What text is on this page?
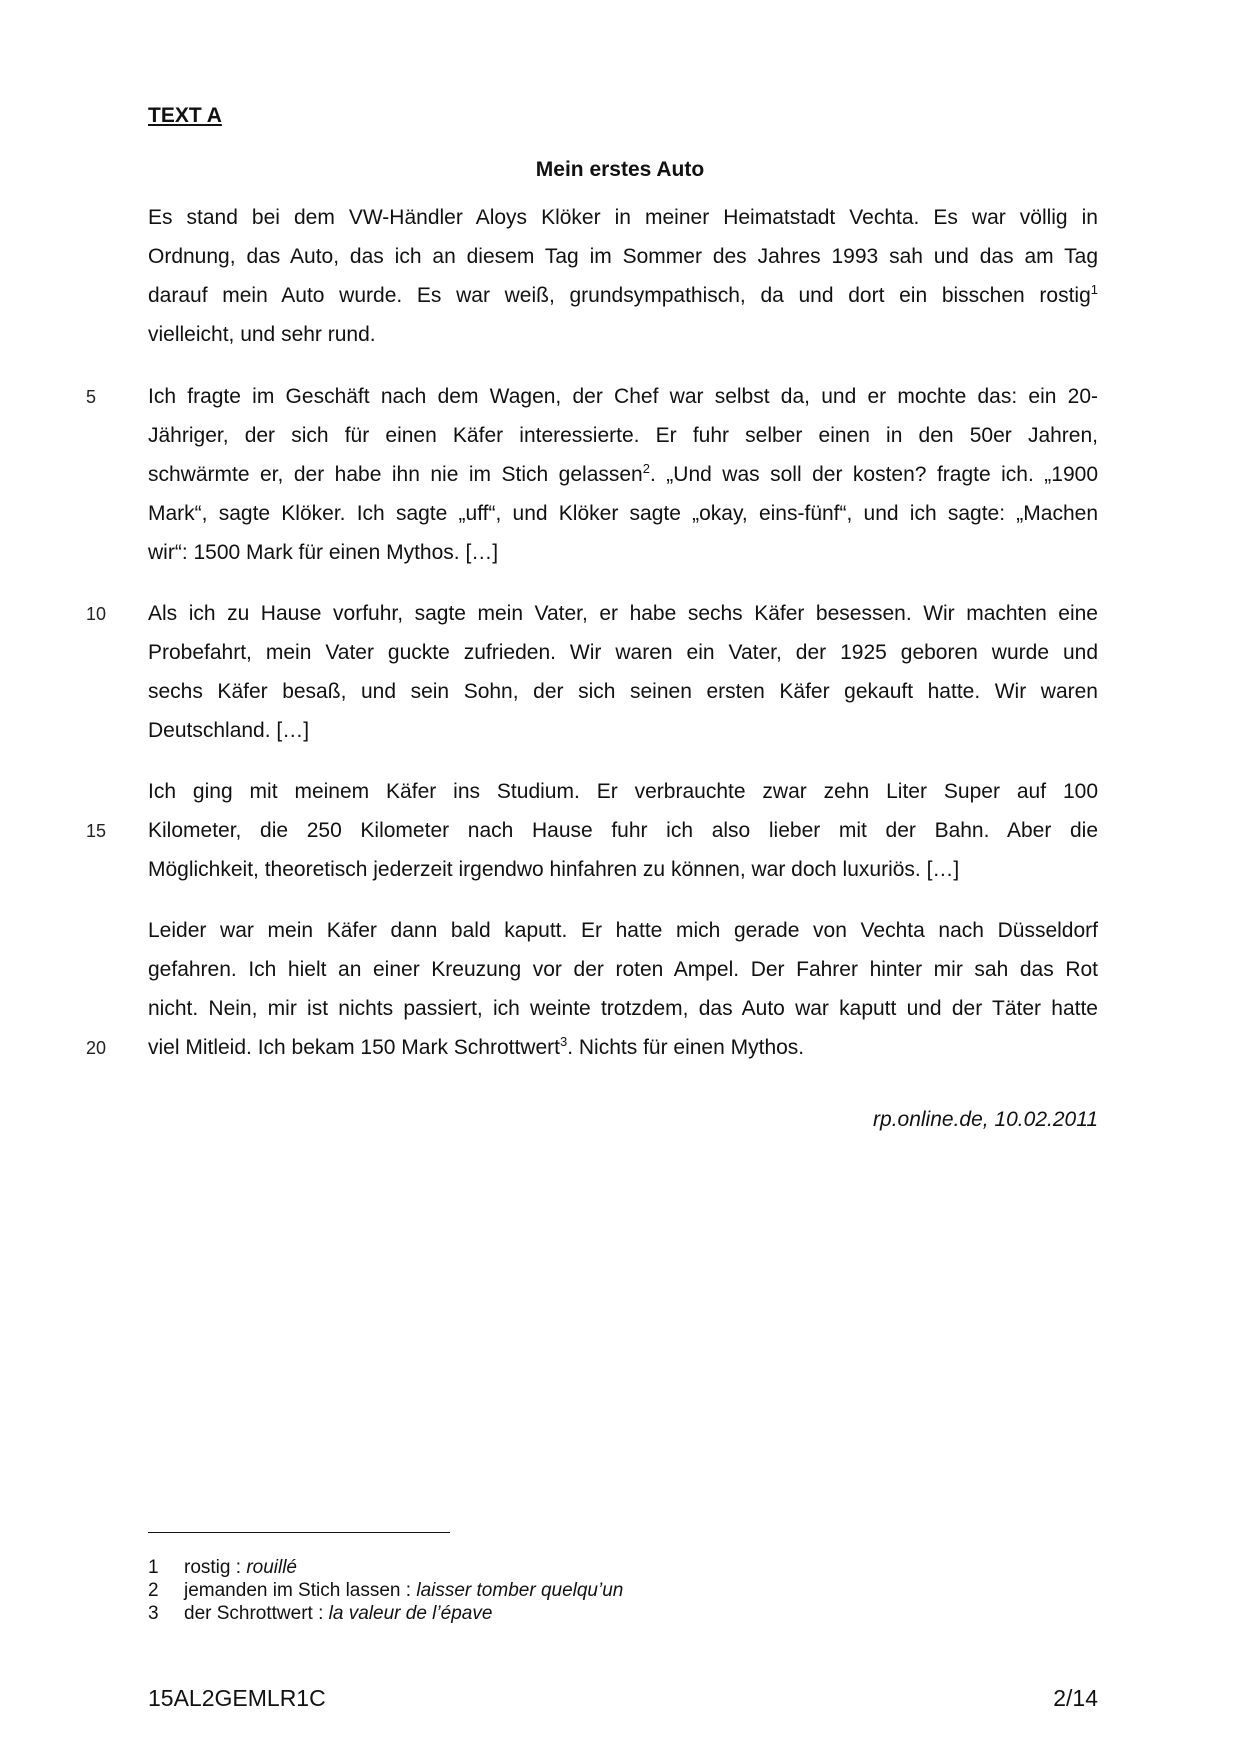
TEXT A
Mein erstes Auto
Es stand bei dem VW-Händler Aloys Klöker in meiner Heimatstadt Vechta. Es war völlig in
Ordnung, das Auto, das ich an diesem Tag im Sommer des Jahres 1993 sah und das am Tag
darauf mein Auto wurde. Es war weiß, grundsympathisch, da und dort ein bisschen rostig$^1$
vielleicht, und sehr rund.
5	Ich fragte im Geschäft nach dem Wagen, der Chef war selbst da, und er mochte das: ein 20-
Jähriger, der sich für einen Käfer interessierte. Er fuhr selber einen in den 50er Jahren,
schwärmte er, der habe ihn nie im Stich gelassen$^2$. „Und was soll der kosten? fragte ich. „1900
Mark“, sagte Klöker. Ich sagte „uff“, und Klöker sagte „okay, eins-fünf“, und ich sagte: „Machen
wir“: 1500 Mark für einen Mythos. […]
10	Als ich zu Hause vorfuhr, sagte mein Vater, er habe sechs Käfer besessen. Wir machten eine
Probefahrt, mein Vater guckte zufrieden. Wir waren ein Vater, der 1925 geboren wurde und
sechs Käfer besaß, und sein Sohn, der sich seinen ersten Käfer gekauft hatte. Wir waren
Deutschland. […]
Ich ging mit meinem Käfer ins Studium. Er verbrauchte zwar zehn Liter Super auf 100
15	Kilometer, die 250 Kilometer nach Hause fuhr ich also lieber mit der Bahn. Aber die
Möglichkeit, theoretisch jederzeit irgendwo hinfahren zu können, war doch luxuriös. […]
Leider war mein Käfer dann bald kaputt. Er hatte mich gerade von Vechta nach Düsseldorf
gefahren. Ich hielt an einer Kreuzung vor der roten Ampel. Der Fahrer hinter mir sah das Rot
nicht. Nein, mir ist nichts passiert, ich weinte trotzdem, das Auto war kaputt und der Täter hatte
20	viel Mitleid. Ich bekam 150 Mark Schrottwert$^3$. Nichts für einen Mythos.
rp.online.de, 10.02.2011
1 rostig : rouillé
2 jemanden im Stich lassen : laisser tomber quelqu’un
3 der Schrottwert : la valeur de l’épave
15AL2GEMLR1C	2/14
